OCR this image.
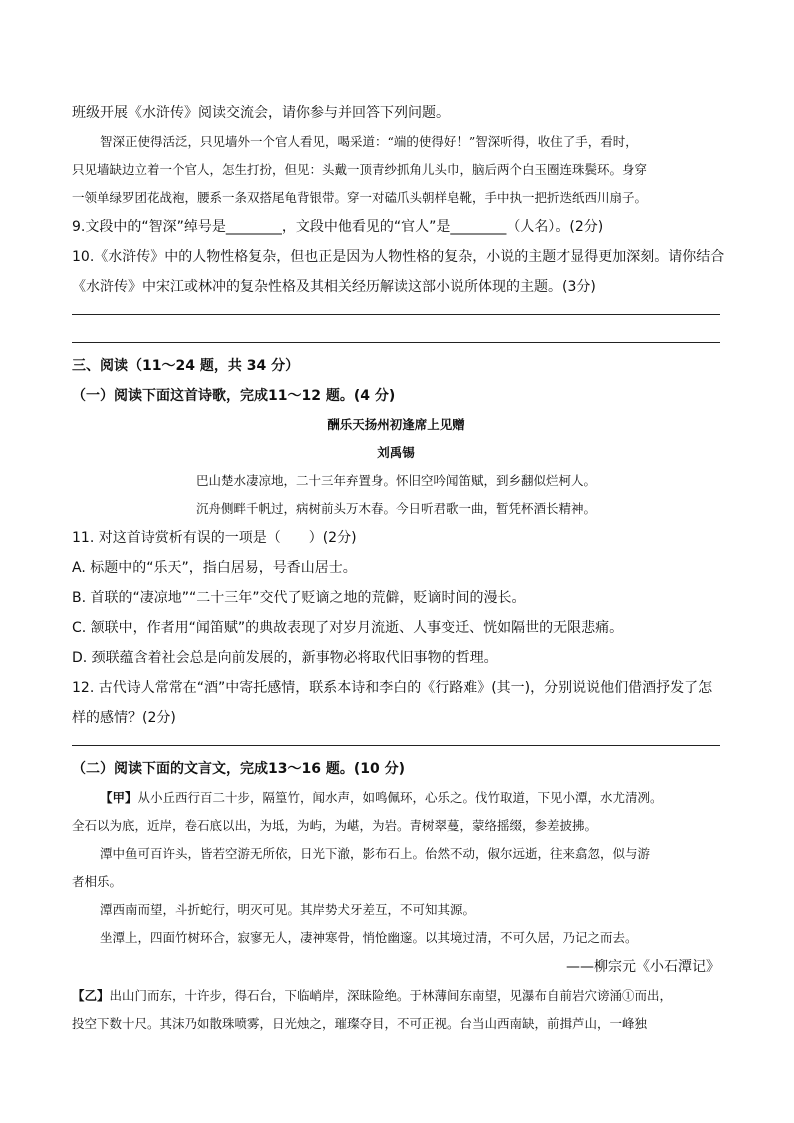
班级开展《水浒传》阅读交流会，请你参与并回答下列问题。
智深正使得活泛，只见墙外一个官人看见，喝采道：“端的使得好！”智深听得，收住了手，看时，
只见墙缺边立着一个官人，怎生打扮，但见：头戴一顶青纱抓角儿头巾，脑后两个白玉圈连珠鬓环。身穿
一领单绿罗团花战袍，腰系一条双搭尾龟背银带。穿一对磕爪头朝样皂靴，手中执一把折迭纸西川扇子。
9.文段中的“智深”绰号是________，文段中他看见的“官人”是________（人名）。(2分)
10.《水浒传》中的人物性格复杂，但也正是因为人物性格的复杂，小说的主题才显得更加深刻。请你结合
《水浒传》中宋江或林冲的复杂性格及其相关经历解读这部小说所体现的主题。(3分)
三、阅读（11～24 题，共 34 分）
（一）阅读下面这首诗歌，完成11～12 题。(4 分)
酬乐天扬州初逢席上见赠
刘禹锡
巴山楚水凄凉地，二十三年弃置身。怀旧空吟闻笛赋，到乡翻似烂柯人。
沉舟侧畔千帆过，病树前头万木春。今日听君歌一曲，暂凭杯酒长精神。
11. 对这首诗赏析有误的一项是（　　）(2分)
A. 标题中的“乐天”，指白居易，号香山居士。
B. 首联的“凄凉地”“二十三年”交代了贬谪之地的荒僻，贬谪时间的漫长。
C. 颔联中，作者用“闻笛赋”的典故表现了对岁月流逝、人事变迁、恍如隔世的无限悲痛。
D. 颈联蕴含着社会总是向前发展的，新事物必将取代旧事物的哲理。
12. 古代诗人常常在“酒”中寄托感情，联系本诗和李白的《行路难》(其一)，分别说说他们借酒抒发了怎
样的感情？(2分)
（二）阅读下面的文言文，完成13～16 题。(10 分)
【甲】从小丘西行百二十步，隔篁竹，闻水声，如鸣佩环，心乐之。伐竹取道，下见小潭，水尤清冽。
全石以为底，近岸，卷石底以出，为坻，为屿，为嵁，为岩。青树翠蔓，蒙络摇缀，参差披拂。
潭中鱼可百许头，皆若空游无所依，日光下澈，影布石上。佁然不动，俶尔远逝，往来翕忽，似与游
者相乐。
潭西南而望，斗折蛇行，明灭可见。其岸势犬牙差互，不可知其源。
坐潭上，四面竹树环合，寂寥无人，凄神寒骨，悄怆幽邃。以其境过清，不可久居，乃记之而去。
——柳宗元《小石潭记》
【乙】出山门而东，十许步，得石台，下临峭岸，深昧险绝。于林薄间东南望，见瀑布自前岩穴谤涌①而出，
投空下数十尺。其沫乃如散珠喷雾，日光烛之，璀璨夺目，不可正视。台当山西南缺，前揖芦山，一峰独
